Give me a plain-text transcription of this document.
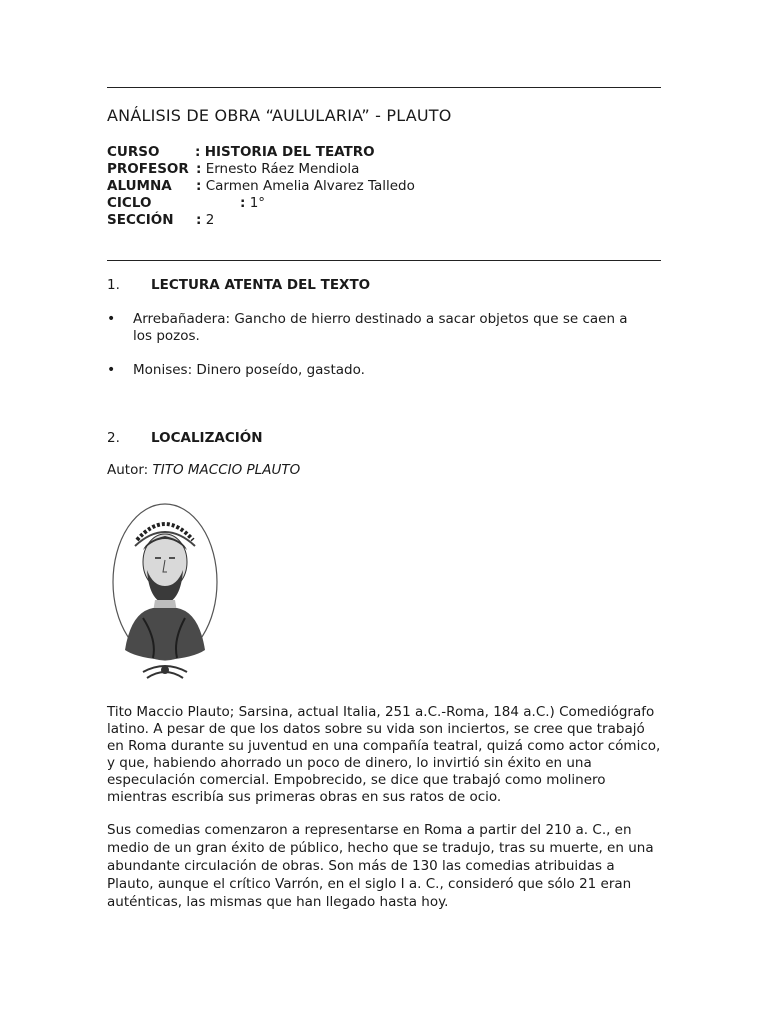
ANÁLISIS DE OBRA “AULULARIA” - PLAUTO
CURSO	: HISTORIA DEL TEATRO
PROFESOR : Ernesto Ráez Mendiola
ALUMNA : Carmen Amelia Alvarez Talledo
CICLO	: 1°
SECCIÓN : 2
1. LECTURA ATENTA DEL TEXTO
• Arrebañadera: Gancho de hierro destinado a sacar objetos que se caen a los pozos.
• Monises: Dinero poseído, gastado.
2. LOCALIZACIÓN
Autor: TITO MACCIO PLAUTO
Tito Maccio Plauto; Sarsina, actual Italia, 251 a.C.-Roma, 184 a.C.) Comediógrafo latino. A pesar de que los datos sobre su vida son inciertos, se cree que trabajó en Roma durante su juventud en una compañía teatral, quizá como actor cómico, y que, habiendo ahorrado un poco de dinero, lo invirtió sin éxito en una especulación comercial. Empobrecido, se dice que trabajó como molinero mientras escribía sus primeras obras en sus ratos de ocio.
Sus comedias comenzaron a representarse en Roma a partir del 210 a. C., en medio de un gran éxito de público, hecho que se tradujo, tras su muerte, en una abundante circulación de obras. Son más de 130 las comedias atribuidas a Plauto, aunque el crítico Varrón, en el siglo I a. C., consideró que sólo 21 eran auténticas, las mismas que han llegado hasta hoy.
